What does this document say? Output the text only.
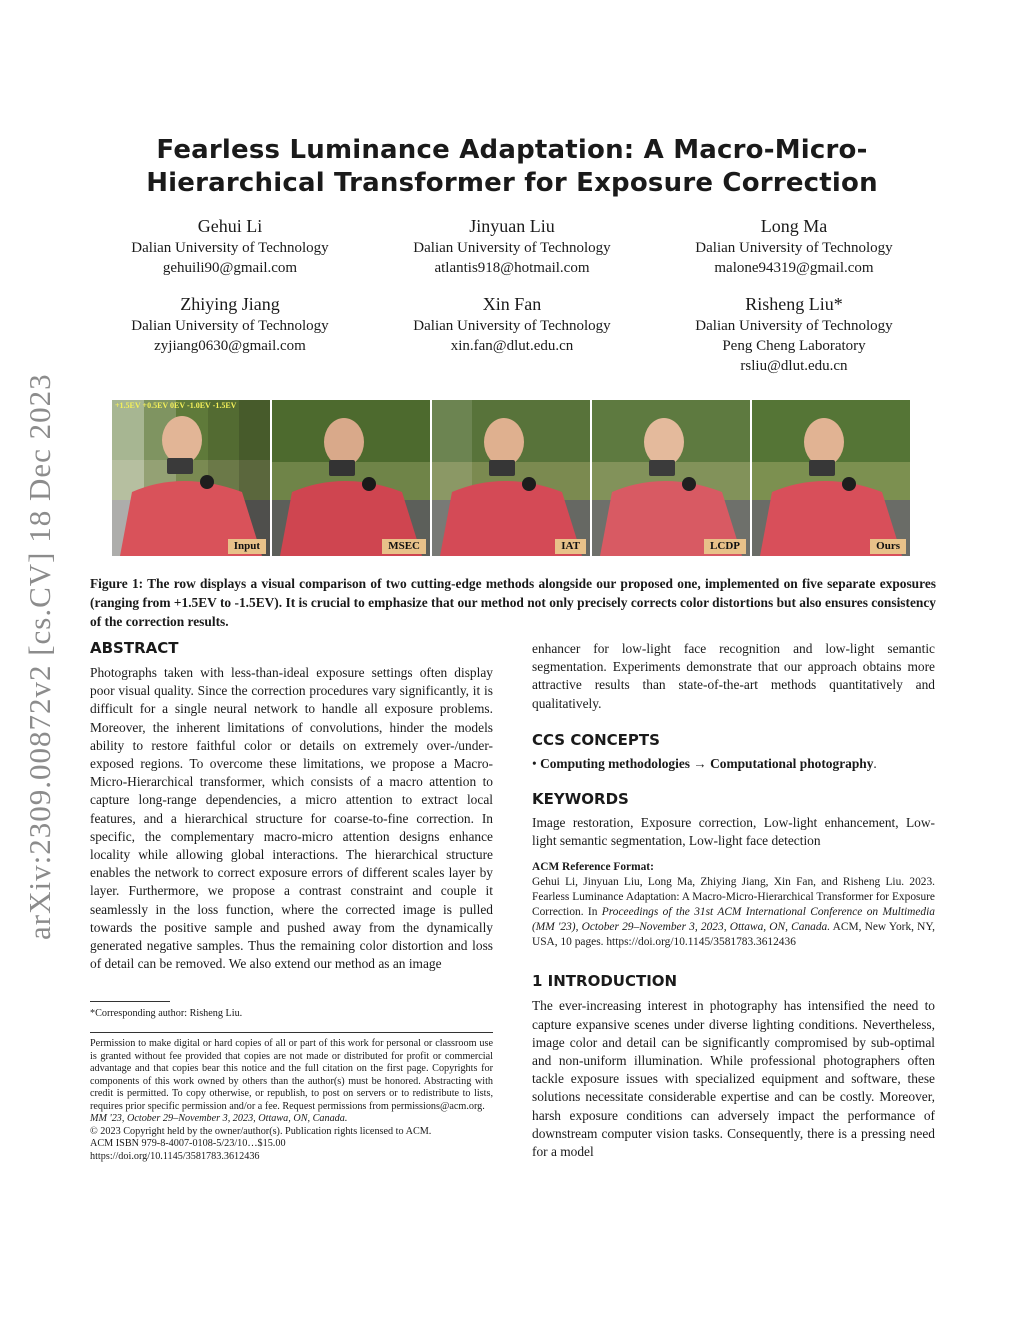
arXiv:2309.00872v2 [cs.CV] 18 Dec 2023
Fearless Luminance Adaptation: A Macro-Micro-Hierarchical Transformer for Exposure Correction
Gehui Li
Dalian University of Technology
gehuili90@gmail.com
Jinyuan Liu
Dalian University of Technology
atlantis918@hotmail.com
Long Ma
Dalian University of Technology
malone94319@gmail.com
Zhiying Jiang
Dalian University of Technology
zyjiang0630@gmail.com
Xin Fan
Dalian University of Technology
xin.fan@dlut.edu.cn
Risheng Liu*
Dalian University of Technology
Peng Cheng Laboratory
rsliu@dlut.edu.cn
+1.5EV +0.5EV 0EV -1.0EV -1.5EV
Input	MSEC	IAT	LCDP	Ours
Figure 1: The row displays a visual comparison of two cutting-edge methods alongside our proposed one, implemented on five separate exposures (ranging from +1.5EV to -1.5EV). It is crucial to emphasize that our method not only precisely corrects color distortions but also ensures consistency of the correction results.
ABSTRACT

Photographs taken with less-than-ideal exposure settings often display poor visual quality. Since the correction procedures vary significantly, it is difficult for a single neural network to handle all exposure problems. Moreover, the inherent limitations of convolutions, hinder the models ability to restore faithful color or details on extremely over-/under- exposed regions. To overcome these limitations, we propose a Macro-Micro-Hierarchical transformer, which consists of a macro attention to capture long-range dependencies, a micro attention to extract local features, and a hierarchical structure for coarse-to-fine correction. In specific, the complementary macro-micro attention designs enhance locality while allowing global interactions. The hierarchical structure enables the network to correct exposure errors of different scales layer by layer. Furthermore, we propose a contrast constraint and couple it seamlessly in the loss function, where the corrected image is pulled towards the positive sample and pushed away from the dynamically generated negative samples. Thus the remaining color distortion and loss of detail can be removed. We also extend our method as an image

*Corresponding author: Risheng Liu.

Permission to make digital or hard copies of all or part of this work for personal or classroom use is granted without fee provided that copies are not made or distributed for profit or commercial advantage and that copies bear this notice and the full citation on the first page. Copyrights for components of this work owned by others than the author(s) must be honored. Abstracting with credit is permitted. To copy otherwise, or republish, to post on servers or to redistribute to lists, requires prior specific permission and/or a fee. Request permissions from permissions@acm.org.

MM '23, October 29–November 3, 2023, Ottawa, ON, Canada.

© 2023 Copyright held by the owner/author(s). Publication rights licensed to ACM.

ACM ISBN 979-8-4007-0108-5/23/10…$15.00

https://doi.org/10.1145/3581783.3612436

enhancer for low-light face recognition and low-light semantic segmentation. Experiments demonstrate that our approach obtains more attractive results than state-of-the-art methods quantitatively and qualitatively.

CCS CONCEPTS

• Computing methodologies → Computational photography.

KEYWORDS

Image restoration, Exposure correction, Low-light enhancement, Low-light semantic segmentation, Low-light face detection

ACM Reference Format:

Gehui Li, Jinyuan Liu, Long Ma, Zhiying Jiang, Xin Fan, and Risheng Liu. 2023. Fearless Luminance Adaptation: A Macro-Micro-Hierarchical Transformer for Exposure Correction. In Proceedings of the 31st ACM International Conference on Multimedia (MM '23), October 29–November 3, 2023, Ottawa, ON, Canada. ACM, New York, NY, USA, 10 pages. https://doi.org/10.1145/3581783.3612436

1 INTRODUCTION

The ever-increasing interest in photography has intensified the need to capture expansive scenes under diverse lighting conditions. Nevertheless, image color and detail can be significantly compromised by sub-optimal and non-uniform illumination. While professional photographers often tackle exposure issues with specialized equipment and software, these solutions necessitate considerable expertise and can be costly. Moreover, harsh exposure conditions can adversely impact the performance of downstream computer vision tasks. Consequently, there is a pressing need for a model
